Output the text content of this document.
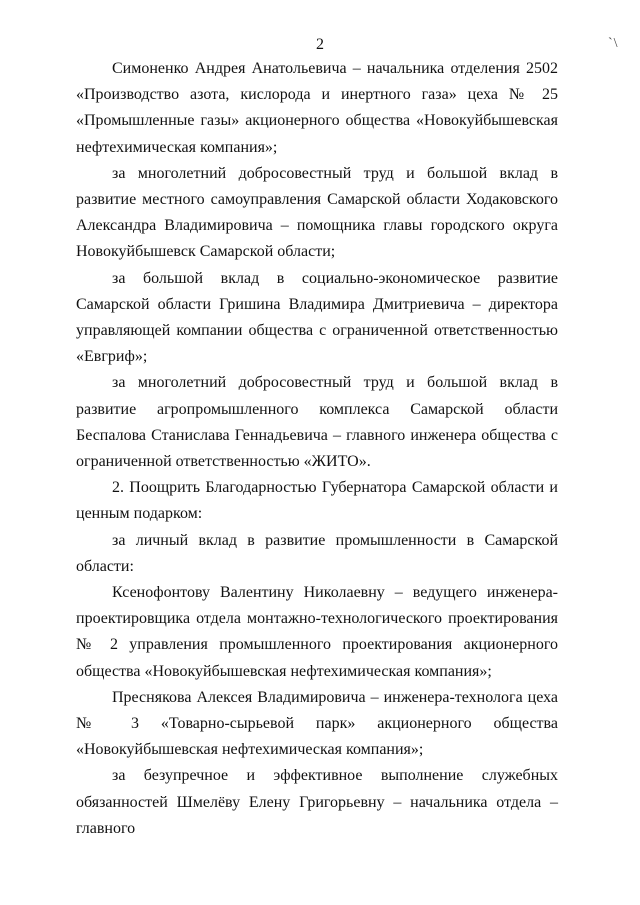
2	`\

Симоненко Андрея Анатольевича – начальника отделения 2502 «Производство азота, кислорода и инертного газа» цеха № 25 «Промышленные газы» акционерного общества «Новокуйбышевская нефтехимическая компания»;

за многолетний добросовестный труд и большой вклад в развитие местного самоуправления Самарской области Ходаковского Александра Владимировича – помощника главы городского округа Новокуйбышевск Самарской области;

за большой вклад в социально-экономическое развитие Самарской области Гришина Владимира Дмитриевича – директора управляющей компании общества с ограниченной ответственностью «Евгриф»;

за многолетний добросовестный труд и большой вклад в развитие агропромышленного комплекса Самарской области Беспалова Станислава Геннадьевича – главного инженера общества с ограниченной ответственностью «ЖИТО».

2. Поощрить Благодарностью Губернатора Самарской области и ценным подарком:

за личный вклад в развитие промышленности в Самарской области:

Ксенофонтову Валентину Николаевну – ведущего инженера-проектировщика отдела монтажно-технологического проектирования № 2 управления промышленного проектирования акционерного общества «Новокуйбышевская нефтехимическая компания»;

Преснякова Алексея Владимировича – инженера-технолога цеха № 3 «Товарно-сырьевой парк» акционерного общества «Новокуйбышевская нефтехимическая компания»;

за безупречное и эффективное выполнение служебных обязанностей Шмелёву Елену Григорьевну – начальника отдела – главного
